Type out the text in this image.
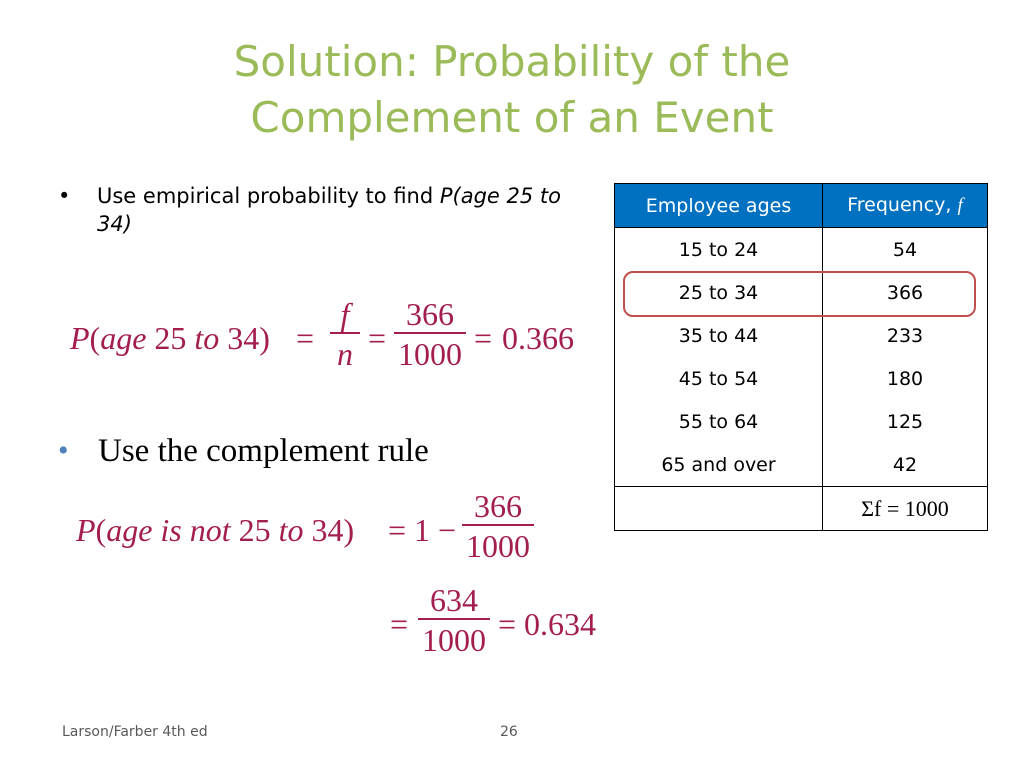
Solution: Probability of the
Complement of an Event
• Use empirical probability to find P(age 25 to 34)
P(age 25 to 34) =
f
n =
366
1000 = 0.366
• Use the complement rule
P(age is not 25 to 34) = 1 −
366
1000
=
634
1000 = 0.634
Employee ages	Frequency, f
15 to 24	54
25 to 34	366
35 to 44	233
45 to 54	180
55 to 64	125
65 and over	42
	Σf = 1000
Larson/Farber 4th ed	26
